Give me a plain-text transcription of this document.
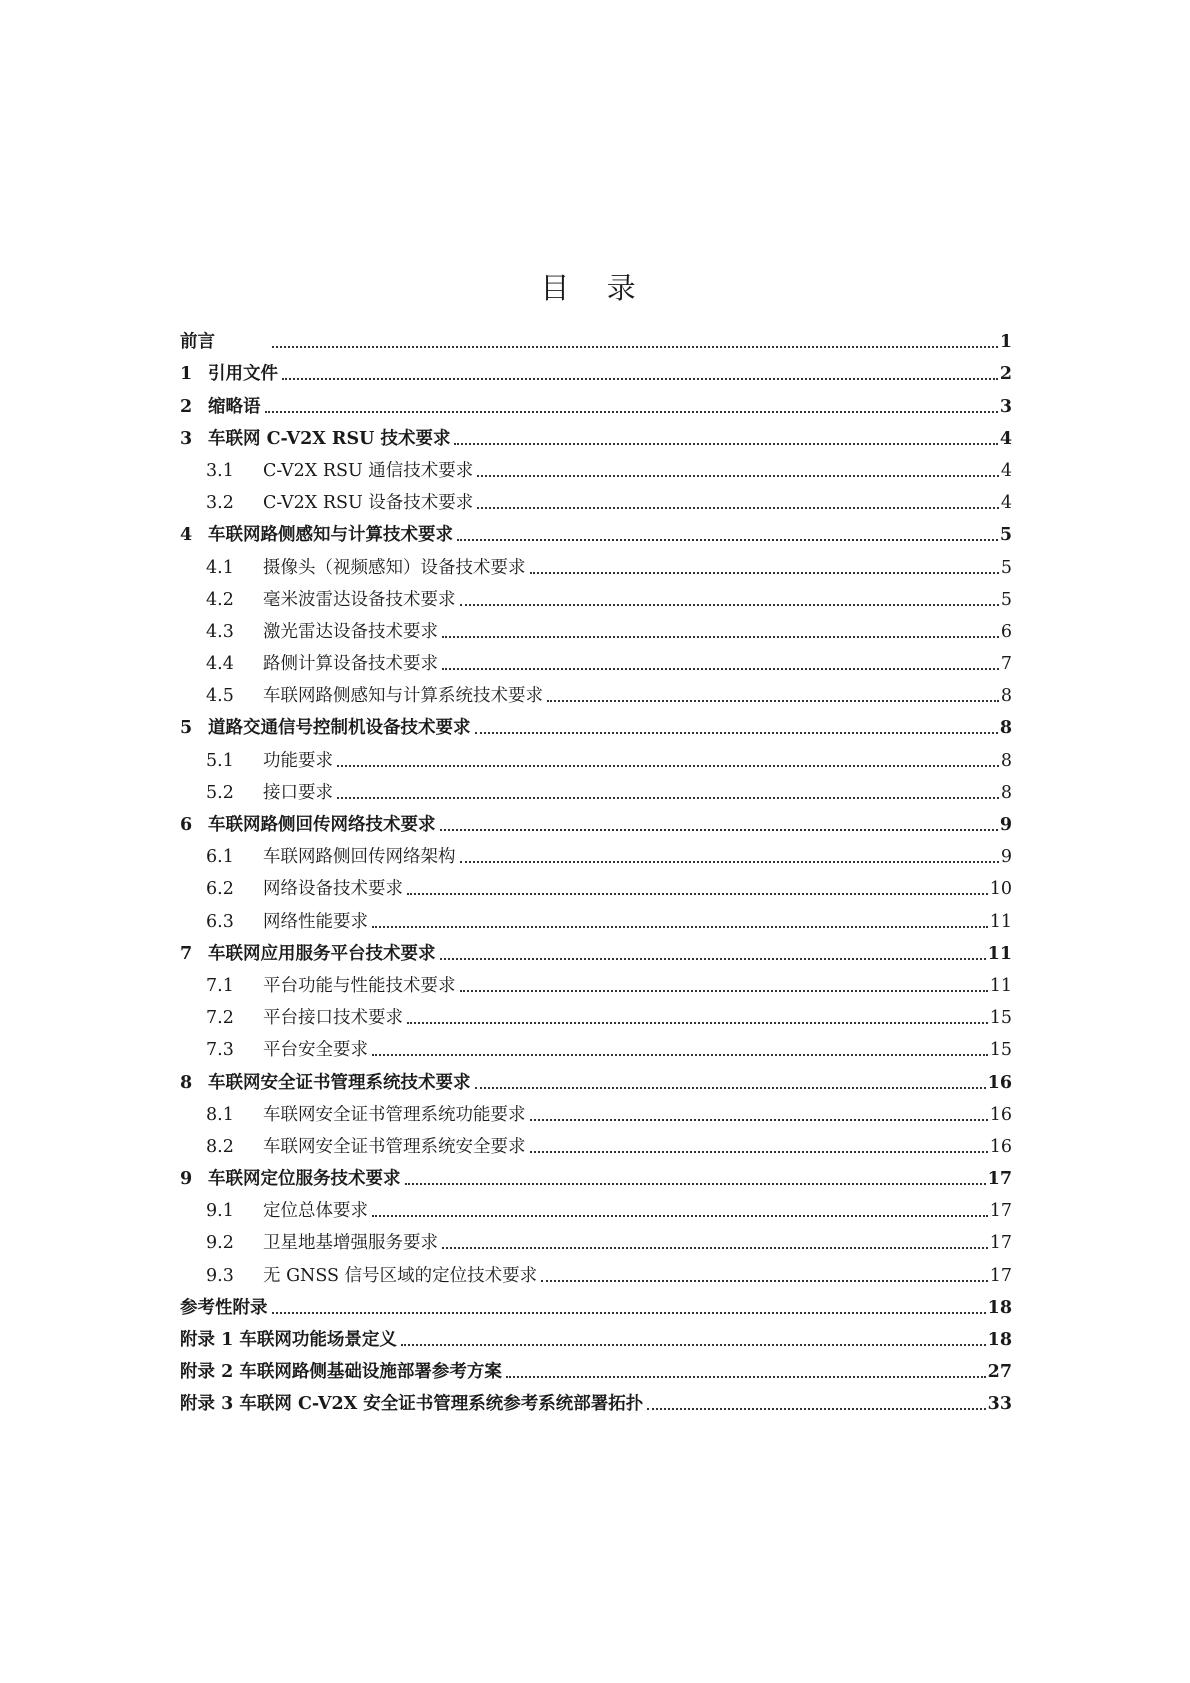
目 录
前言	1
1 引用文件	2
2 缩略语	3
3 车联网 C-V2X RSU 技术要求	4
3.1	C-V2X RSU 通信技术要求	4
3.2	C-V2X RSU 设备技术要求	4
4 车联网路侧感知与计算技术要求	5
4.1	摄像头（视频感知）设备技术要求	5
4.2	毫米波雷达设备技术要求	5
4.3	激光雷达设备技术要求	6
4.4	路侧计算设备技术要求	7
4.5	车联网路侧感知与计算系统技术要求	8
5 道路交通信号控制机设备技术要求	8
5.1	功能要求	8
5.2	接口要求	8
6 车联网路侧回传网络技术要求	9
6.1	车联网路侧回传网络架构	9
6.2	网络设备技术要求	10
6.3	网络性能要求	11
7 车联网应用服务平台技术要求	11
7.1	平台功能与性能技术要求	11
7.2	平台接口技术要求	15
7.3	平台安全要求	15
8 车联网安全证书管理系统技术要求	16
8.1	车联网安全证书管理系统功能要求	16
8.2	车联网安全证书管理系统安全要求	16
9 车联网定位服务技术要求	17
9.1	定位总体要求	17
9.2	卫星地基增强服务要求	17
9.3	无 GNSS 信号区域的定位技术要求	17
参考性附录	18
附录 1 车联网功能场景定义	18
附录 2 车联网路侧基础设施部署参考方案	27
附录 3 车联网 C-V2X 安全证书管理系统参考系统部署拓扑	33
